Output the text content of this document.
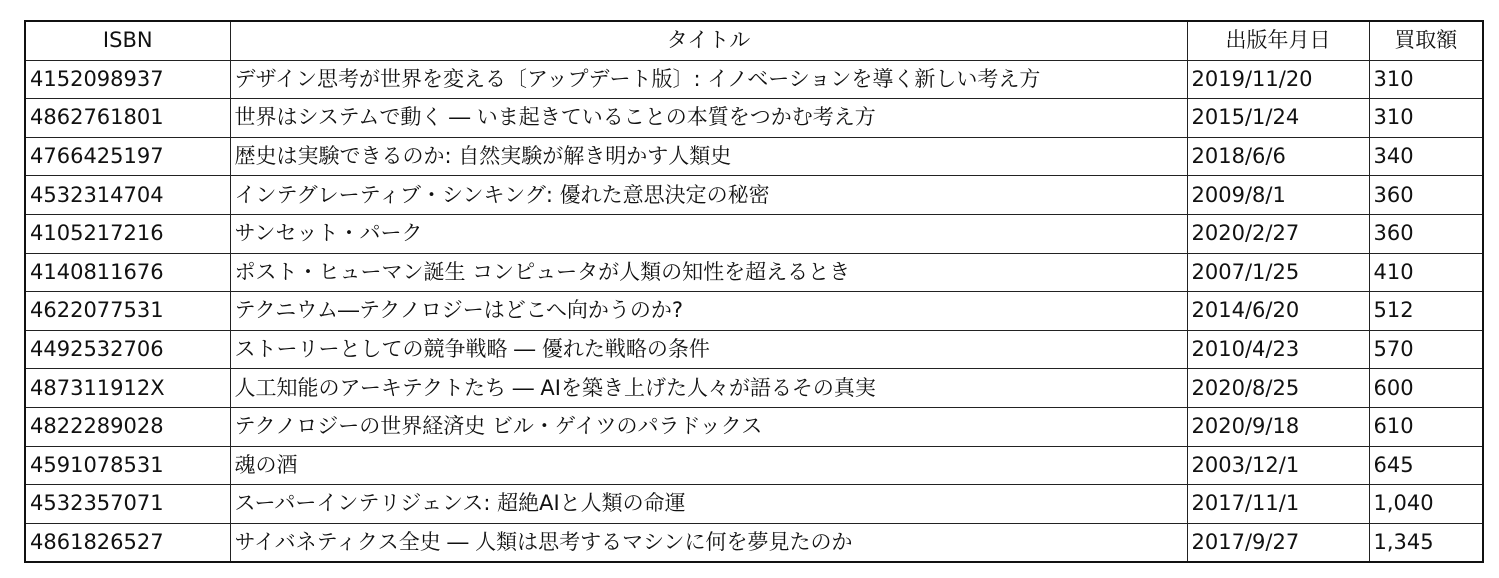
ISBN	タイトル	出版年月日	買取額
4152098937	デザイン思考が世界を変える〔アップデート版〕: イノベーションを導く新しい考え方	2019/11/20	310
4862761801	世界はシステムで動く ― いま起きていることの本質をつかむ考え方	2015/1/24	310
4766425197	歴史は実験できるのか: 自然実験が解き明かす人類史	2018/6/6	340
4532314704	インテグレーティブ・シンキング: 優れた意思決定の秘密	2009/8/1	360
4105217216	サンセット・パーク	2020/2/27	360
4140811676	ポスト・ヒューマン誕生 コンピュータが人類の知性を超えるとき	2007/1/25	410
4622077531	テクニウム―テクノロジーはどこへ向かうのか?	2014/6/20	512
4492532706	ストーリーとしての競争戦略 ― 優れた戦略の条件	2010/4/23	570
487311912X	人工知能のアーキテクトたち ― AIを築き上げた人々が語るその真実	2020/8/25	600
4822289028	テクノロジーの世界経済史 ビル・ゲイツのパラドックス	2020/9/18	610
4591078531	魂の酒	2003/12/1	645
4532357071	スーパーインテリジェンス: 超絶AIと人類の命運	2017/11/1	1,040
4861826527	サイバネティクス全史 ― 人類は思考するマシンに何を夢見たのか	2017/9/27	1,345
